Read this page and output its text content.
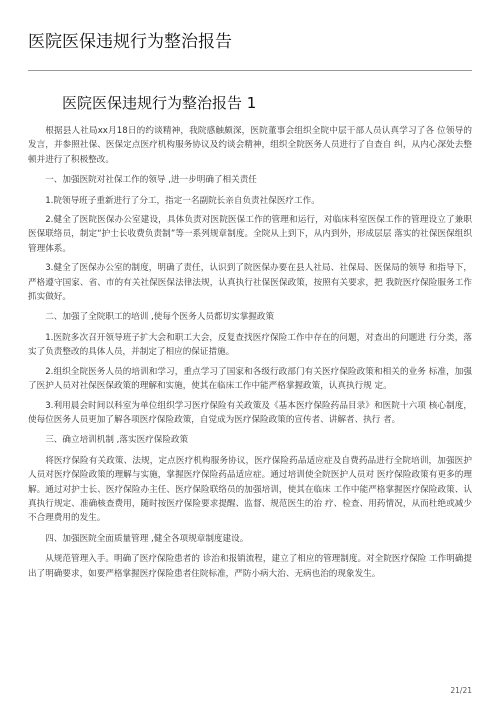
医院医保违规行为整治报告
医院医保违规行为整治报告 1

根据县人社局xx月18日的约谈精神，我院感触颇深，医院董事会组织全院中层干部人员认真学习了各 位领导的发言，并参照社保、医保定点医疗机构服务协议及约谈会精神，组织全院医务人员进行了自查自 纠，从内心深处去整顿并进行了积极整改。

一、加强医院对社保工作的领导 ,进一步明确了相关责任

1.院领导班子重新进行了分工，指定一名副院长亲自负责社保医疗工作。

2.健全了医院医保办公室建设，具体负责对医院医保工作的管理和运行，对临床科室医保工作的管理设立了兼职医保联络员，制定“护士长收费负责制”等一系列规章制度。全院从上到下，从内到外，形成层层 落实的社保医保组织管理体系。

3.健全了医保办公室的制度，明确了责任，认识到了院医保办要在县人社局、社保局、医保局的领导 和指导下，严格遵守国家、省、市的有关社保医保法律法规，认真执行社保医保政策，按照有关要求，把 我院医疗保险服务工作抓实做好。

二、加强了全院职工的培训 ,使每个医务人员都切实掌握政策

1.医院多次召开领导班子扩大会和职工大会，反复查找医疗保险工作中存在的问题，对查出的问题进 行分类，落实了负责整改的具体人员，并制定了相应的保证措施。

2.组织全院医务人员的培训和学习，重点学习了国家和各级行政部门有关医疗保险政策和相关的业务 标准，加强了医护人员对社保医保政策的理解和实施，使其在临床工作中能严格掌握政策，认真执行规 定。

3.利用晨会时间以科室为单位组织学习医疗保险有关政策及《基本医疗保险药品目录》和医院十六项 核心制度，使每位医务人员更加了解各项医疗保险政策，自觉成为医疗保险政策的宣传者、讲解者、执行 者。

三、确立培训机制 ,落实医疗保险政策

将医疗保险有关政策、法规，定点医疗机构服务协议，医疗保险药品适应症及自费药品进行全院培训，加强医护人员对医疗保险政策的理解与实施，掌握医疗保险药品适应症。通过培训使全院医护人员对 医疗保险政策有更多的理解。通过对护士长、医疗保险办主任、医疗保险联络员的加强培训，使其在临床 工作中能严格掌握医疗保险政策、认真执行规定、准确核查费用，随时按医疗保险要求提醒、监督、规范医生的治 疗、检查、用药情况，从而杜绝或减少不合理费用的发生。

四、加强医院全面质量管理 ,健全各项规章制度建设。

从规范管理入手。明确了医疗保险患者的 诊治和报销流程，建立了相应的管理制度。对全院医疗保险 工作明确提出了明确要求，如要严格掌握医疗保险患者住院标准，严防小病大治、无病也治的现象发生。

21/21
